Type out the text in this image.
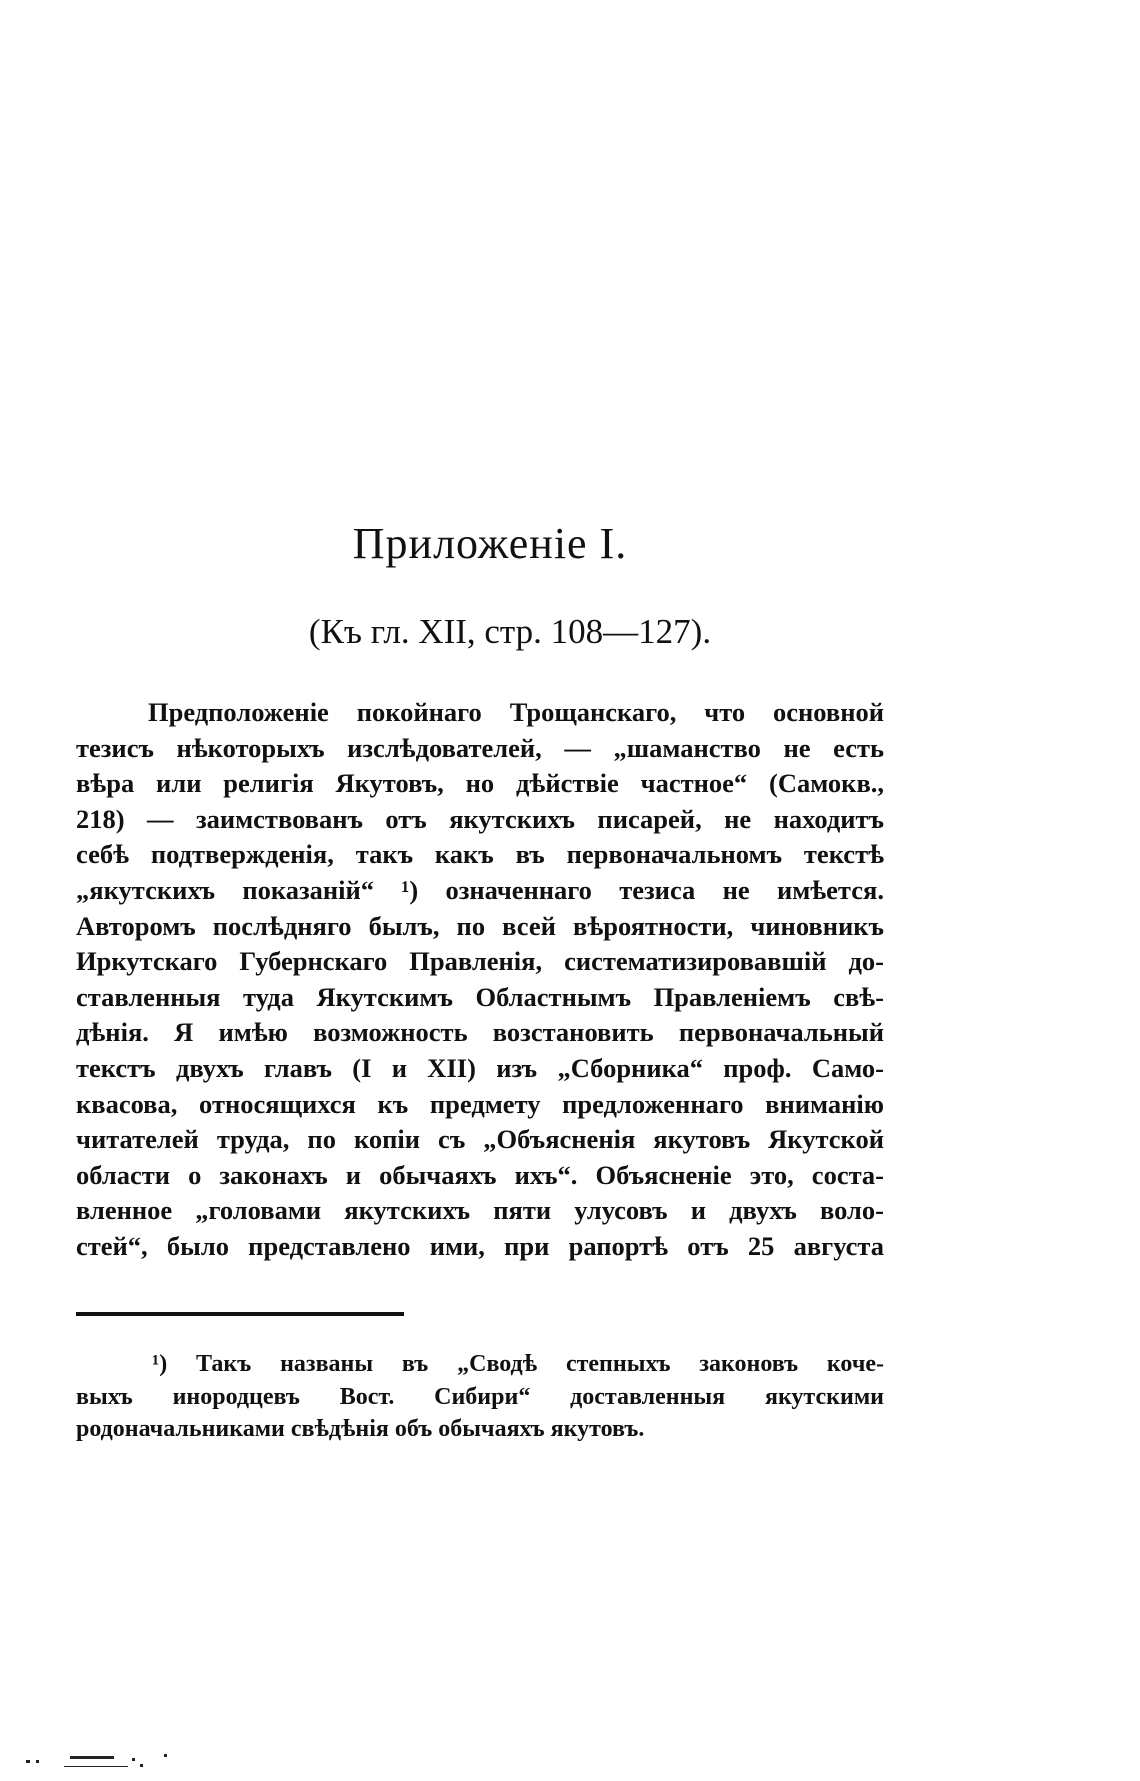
Приложеніе I.
(Къ гл. XII, стр. 108—127).
Предположеніе покойнаго Трощанскаго, что основной
тезисъ нѣкоторыхъ изслѣдователей, — „шаманство не есть
вѣра или религія Якутовъ, но дѣйствіе частное“ (Самокв.,
218) — заимствованъ отъ якутскихъ писарей, не находитъ
себѣ подтвержденія, такъ какъ въ первоначальномъ текстѣ
„якутскихъ показаній“ ¹) означеннаго тезиса не имѣется.
Авторомъ послѣдняго былъ, по всей вѣроятности, чиновникъ
Иркутскаго Губернскаго Правленія, систематизировавшій до-
ставленныя туда Якутскимъ Областнымъ Правленіемъ свѣ-
дѣнія. Я имѣю возможность возстановить первоначальный
текстъ двухъ главъ (I и XII) изъ „Сборника“ проф. Само-
квасова, относящихся къ предмету предложеннаго вниманію
читателей труда, по копіи съ „Объясненія якутовъ Якутской
области о законахъ и обычаяхъ ихъ“. Объясненіе это, соста-
вленное „головами якутскихъ пяти улусовъ и двухъ воло-
стей“, было представлено ими, при рапортѣ отъ 25 августа
¹) Такъ названы въ „Сводѣ степныхъ законовъ коче-
выхъ инородцевъ Вост. Сибири“ доставленныя якутскими
родоначальниками свѣдѣнія объ обычаяхъ якутовъ.
